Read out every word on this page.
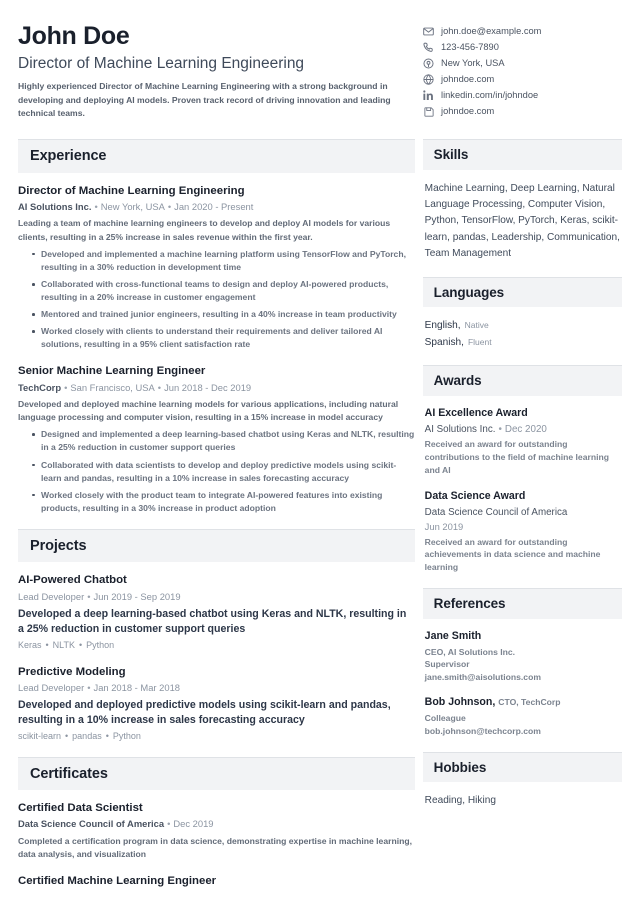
John Doe
Director of Machine Learning Engineering
Highly experienced Director of Machine Learning Engineering with a strong background in developing and deploying AI models. Proven track record of driving innovation and leading technical teams.
john.doe@example.com
123-456-7890
New York, USA
johndoe.com
linkedin.com/in/johndoe
johndoe.com
Experience
Director of Machine Learning Engineering
AI Solutions Inc. • New York, USA • Jan 2020 - Present
Leading a team of machine learning engineers to develop and deploy AI models for various clients, resulting in a 25% increase in sales revenue within the first year.
Developed and implemented a machine learning platform using TensorFlow and PyTorch, resulting in a 30% reduction in development time
Collaborated with cross-functional teams to design and deploy AI-powered products, resulting in a 20% increase in customer engagement
Mentored and trained junior engineers, resulting in a 40% increase in team productivity
Worked closely with clients to understand their requirements and deliver tailored AI solutions, resulting in a 95% client satisfaction rate
Senior Machine Learning Engineer
TechCorp • San Francisco, USA • Jun 2018 - Dec 2019
Developed and deployed machine learning models for various applications, including natural language processing and computer vision, resulting in a 15% increase in model accuracy
Designed and implemented a deep learning-based chatbot using Keras and NLTK, resulting in a 25% reduction in customer support queries
Collaborated with data scientists to develop and deploy predictive models using scikit-learn and pandas, resulting in a 10% increase in sales forecasting accuracy
Worked closely with the product team to integrate AI-powered features into existing products, resulting in a 30% increase in product adoption
Projects
AI-Powered Chatbot
Lead Developer • Jun 2019 - Sep 2019
Developed a deep learning-based chatbot using Keras and NLTK, resulting in a 25% reduction in customer support queries
Keras • NLTK • Python
Predictive Modeling
Lead Developer • Jan 2018 - Mar 2018
Developed and deployed predictive models using scikit-learn and pandas, resulting in a 10% increase in sales forecasting accuracy
scikit-learn • pandas • Python
Certificates
Certified Data Scientist
Data Science Council of America • Dec 2019
Completed a certification program in data science, demonstrating expertise in machine learning, data analysis, and visualization
Certified Machine Learning Engineer
Skills
Machine Learning, Deep Learning, Natural Language Processing, Computer Vision, Python, TensorFlow, PyTorch, Keras, scikit-learn, pandas, Leadership, Communication, Team Management
Languages
English, Native
Spanish, Fluent
Awards
AI Excellence Award
AI Solutions Inc. • Dec 2020
Received an award for outstanding contributions to the field of machine learning and AI
Data Science Award
Data Science Council of America
Jun 2019
Received an award for outstanding achievements in data science and machine learning
References
Jane Smith
CEO, AI Solutions Inc.
Supervisor
jane.smith@aisolutions.com
Bob Johnson, CTO, TechCorp
Colleague
bob.johnson@techcorp.com
Hobbies
Reading, Hiking
